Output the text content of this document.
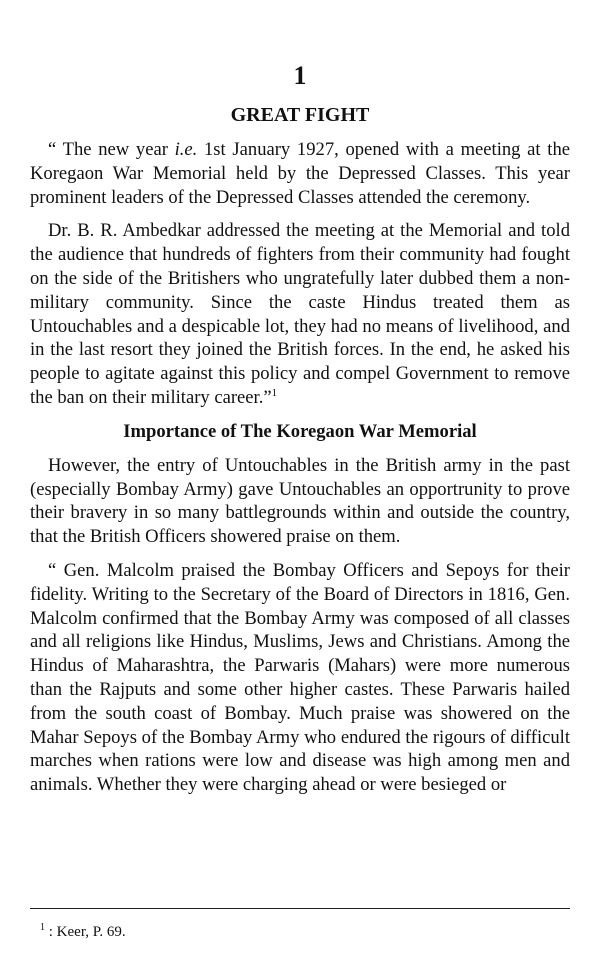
1
GREAT FIGHT

“ The new year i.e. 1st January 1927, opened with a meeting at the Koregaon War Memorial held by the Depressed Classes. This year prominent leaders of the Depressed Classes attended the ceremony.

Dr. B. R. Ambedkar addressed the meeting at the Memorial and told the audience that hundreds of fighters from their community had fought on the side of the Britishers who ungratefully later dubbed them a non-military community. Since the caste Hindus treated them as Untouchables and a despicable lot, they had no means of livelihood, and in the last resort they joined the British forces. In the end, he asked his people to agitate against this policy and compel Government to remove the ban on their military career.”$^1$

Importance of The Koregaon War Memorial

However, the entry of Untouchables in the British army in the past (especially Bombay Army) gave Untouchables an opportrunity to prove their bravery in so many battlegrounds within and outside the country, that the British Officers showered praise on them.

“ Gen. Malcolm praised the Bombay Officers and Sepoys for their fidelity. Writing to the Secretary of the Board of Directors in 1816, Gen. Malcolm confirmed that the Bombay Army was composed of all classes and all religions like Hindus, Muslims, Jews and Christians. Among the Hindus of Maharashtra, the Parwaris (Mahars) were more numerous than the Rajputs and some other higher castes. These Parwaris hailed from the south coast of Bombay. Much praise was showered on the Mahar Sepoys of the Bombay Army who endured the rigours of difficult marches when rations were low and disease was high among men and animals. Whether they were charging ahead or were besieged or

$^1$ : Keer, P. 69.
